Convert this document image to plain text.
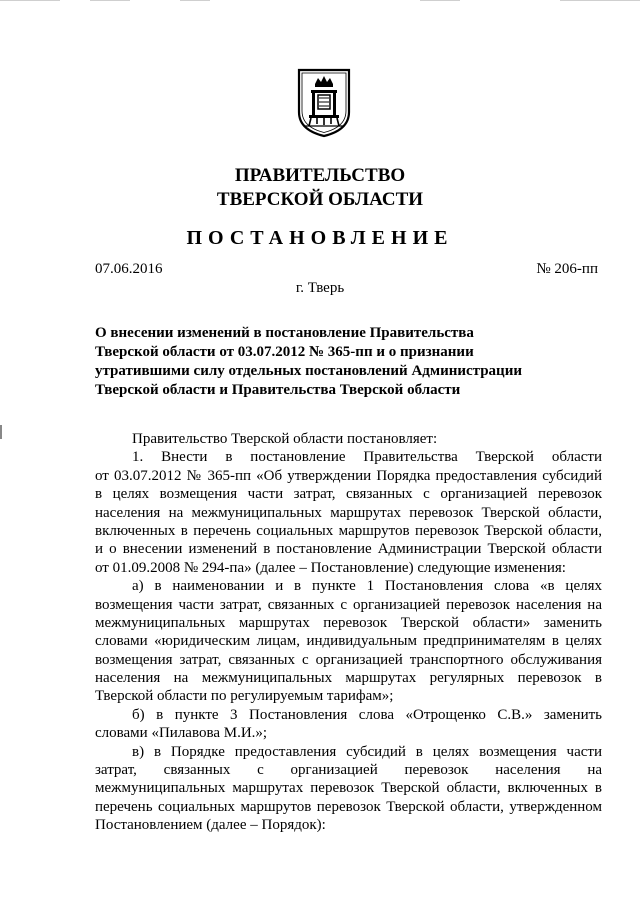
ПРАВИТЕЛЬСТВО
ТВЕРСКОЙ ОБЛАСТИ
ПОСТАНОВЛЕНИЕ
07.06.2016	№ 206-пп
г. Тверь
О внесении изменений в постановление Правительства
Тверской области от 03.07.2012 № 365-пп и о признании
утратившими силу отдельных постановлений Администрации
Тверской области и Правительства Тверской области
Правительство Тверской области постановляет:
1. Внести в постановление Правительства Тверской области
от 03.07.2012 № 365-пп «Об утверждении Порядка предоставления субсидий
в целях возмещения части затрат, связанных с организацией перевозок
населения на межмуниципальных маршрутах перевозок Тверской области,
включенных в перечень социальных маршрутов перевозок Тверской области,
и о внесении изменений в постановление Администрации Тверской области
от 01.09.2008 № 294-па» (далее – Постановление) следующие изменения:
а) в наименовании и в пункте 1 Постановления слова «в целях
возмещения части затрат, связанных с организацией перевозок населения на
межмуниципальных маршрутах перевозок Тверской области» заменить
словами «юридическим лицам, индивидуальным предпринимателям в целях
возмещения затрат, связанных с организацией транспортного обслуживания
населения на межмуниципальных маршрутах регулярных перевозок в
Тверской области по регулируемым тарифам»;
б) в пункте 3 Постановления слова «Отрощенко С.В.» заменить
словами «Пилавова М.И.»;
в) в Порядке предоставления субсидий в целях возмещения части
затрат, связанных с организацией перевозок населения на
межмуниципальных маршрутах перевозок Тверской области, включенных в
перечень социальных маршрутов перевозок Тверской области, утвержденном
Постановлением (далее – Порядок):
